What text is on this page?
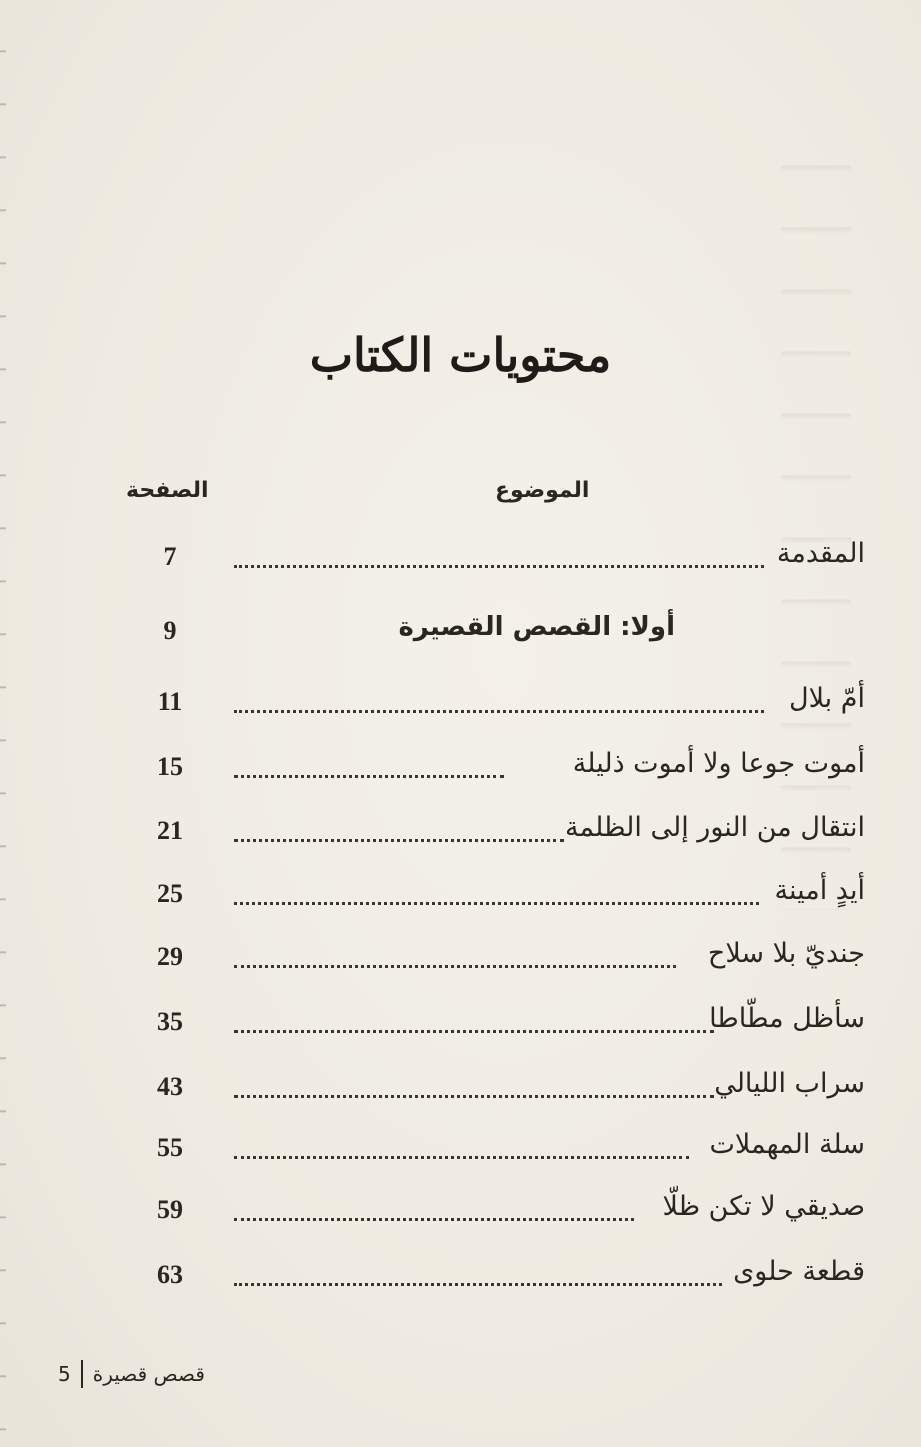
محتويات الكتاب
الصفحة	الموضوع
7	المقدمة
9	أولا: القصص القصيرة
11	أمّ بلال
15	أموت جوعا ولا أموت ذليلة
21	انتقال من النور إلى الظلمة
25	أيدٍ أمينة
29	جنديّ بلا سلاح
35	سأظل مطّاطا
43	سراب الليالي
55	سلة المهملات
59	صديقي لا تكن ظلّا
63	قطعة حلوى
5 قصص قصيرة
